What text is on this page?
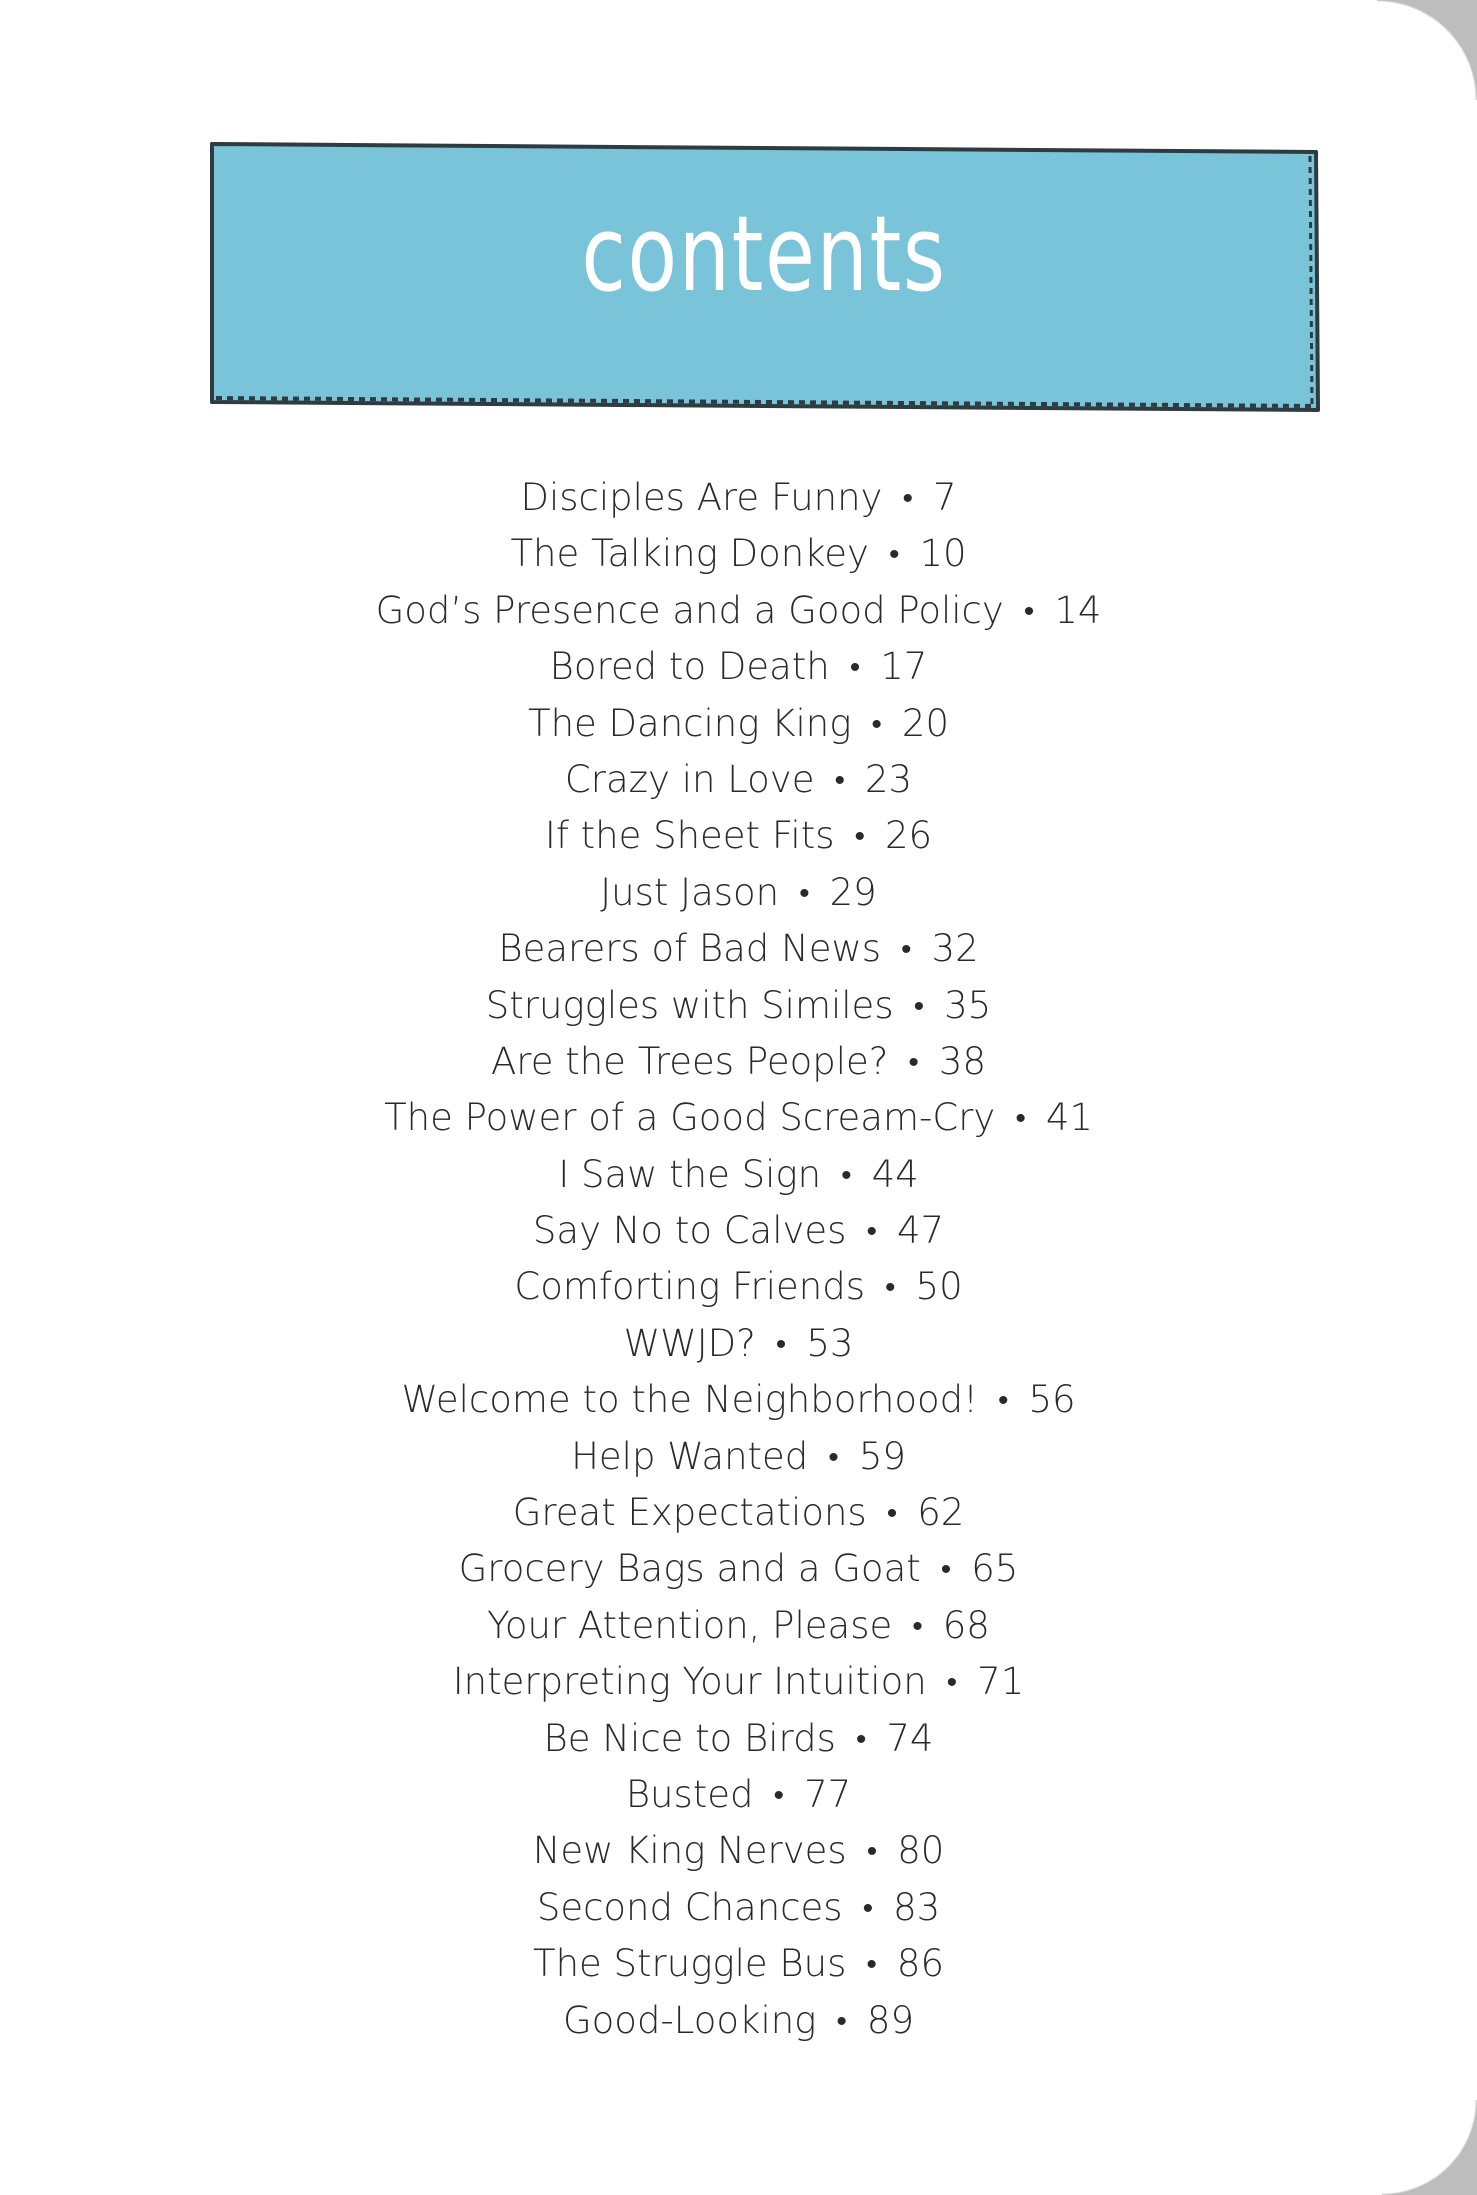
contents
Disciples Are Funny • 7
The Talking Donkey • 10
God’s Presence and a Good Policy • 14
Bored to Death • 17
The Dancing King • 20
Crazy in Love • 23
If the Sheet Fits • 26
Just Jason • 29
Bearers of Bad News • 32
Struggles with Similes • 35
Are the Trees People? • 38
The Power of a Good Scream-Cry • 41
I Saw the Sign • 44
Say No to Calves • 47
Comforting Friends • 50
WWJD? • 53
Welcome to the Neighborhood! • 56
Help Wanted • 59
Great Expectations • 62
Grocery Bags and a Goat • 65
Your Attention, Please • 68
Interpreting Your Intuition • 71
Be Nice to Birds • 74
Busted • 77
New King Nerves • 80
Second Chances • 83
The Struggle Bus • 86
Good-Looking • 89
